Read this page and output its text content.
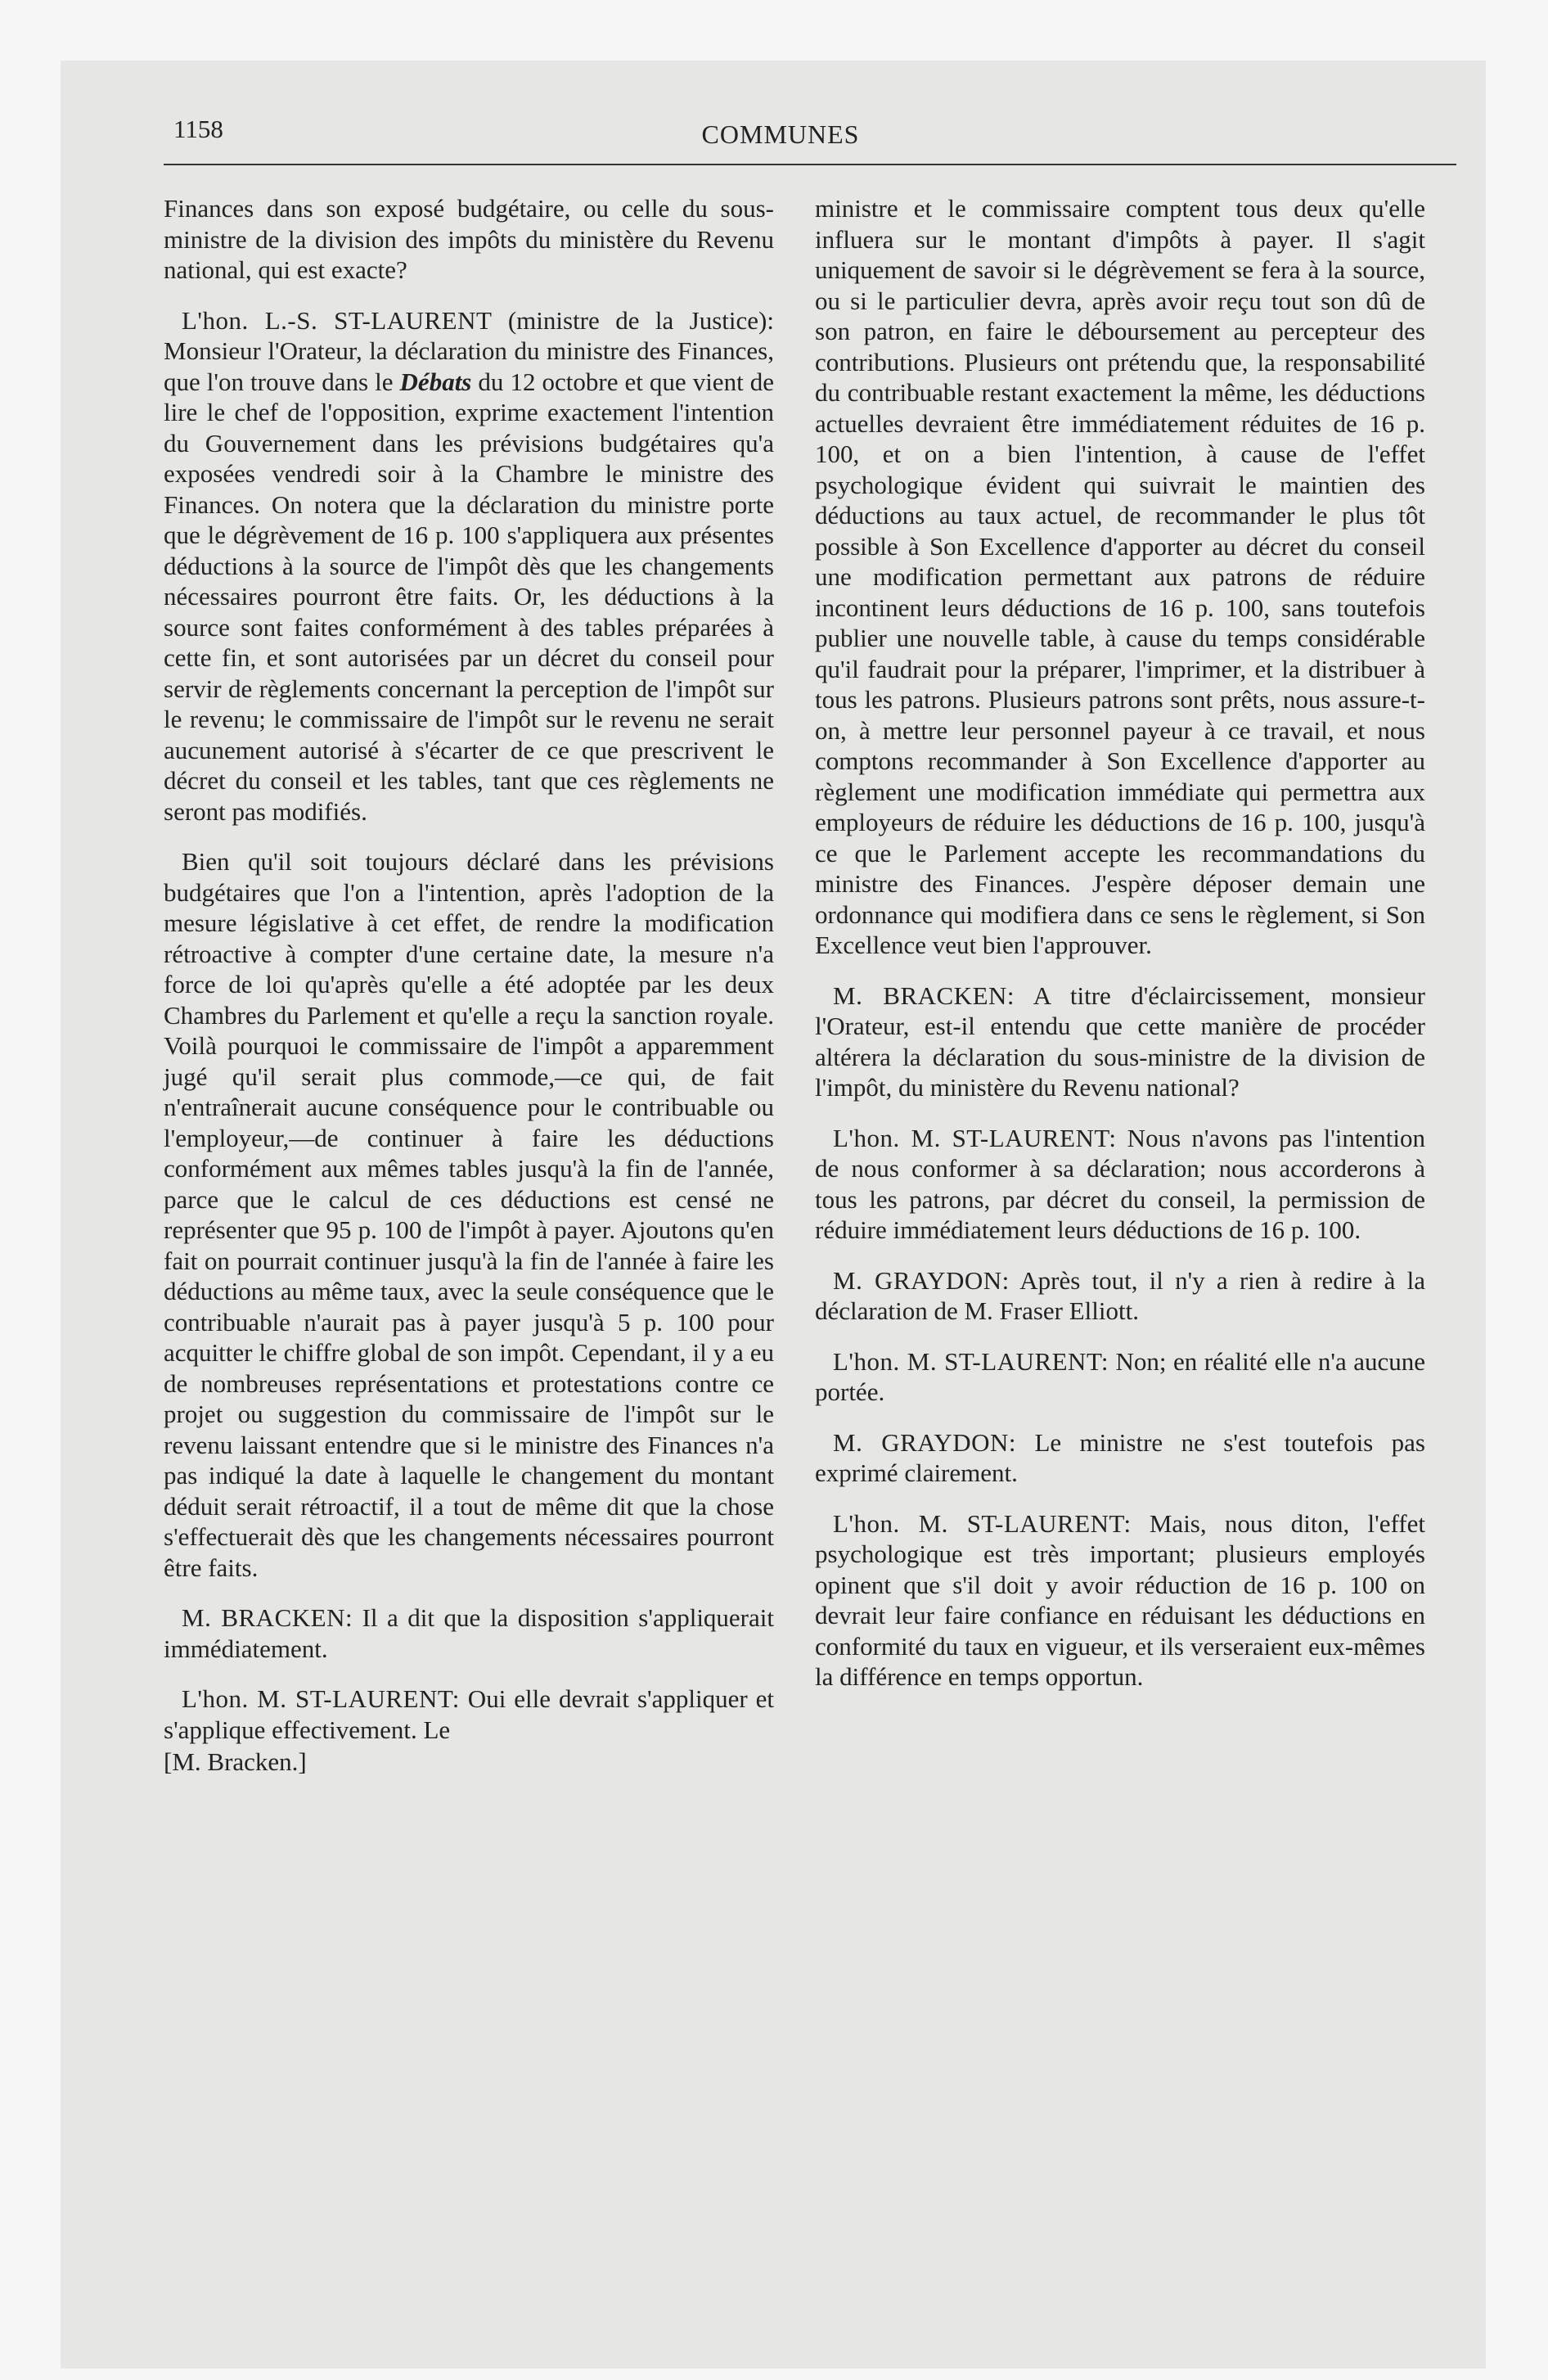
1158	COMMUNES

Finances dans son exposé budgétaire, ou celle du sous-ministre de la division des impôts du ministère du Revenu national, qui est exacte?

L'hon. L.-S. ST-LAURENT (ministre de la Justice): Monsieur l'Orateur, la déclaration du ministre des Finances, que l'on trouve dans le Débats du 12 octobre et que vient de lire le chef de l'opposition, exprime exactement l'intention du Gouvernement dans les prévisions budgétaires qu'a exposées vendredi soir à la Chambre le ministre des Finances. On notera que la déclaration du ministre porte que le dégrèvement de 16 p. 100 s'appliquera aux présentes déductions à la source de l'impôt dès que les changements nécessaires pourront être faits. Or, les déductions à la source sont faites conformément à des tables préparées à cette fin, et sont autorisées par un décret du conseil pour servir de règlements concernant la perception de l'impôt sur le revenu; le commissaire de l'impôt sur le revenu ne serait aucunement autorisé à s'écarter de ce que prescrivent le décret du conseil et les tables, tant que ces règlements ne seront pas modifiés.

Bien qu'il soit toujours déclaré dans les prévisions budgétaires que l'on a l'intention, après l'adoption de la mesure législative à cet effet, de rendre la modification rétroactive à compter d'une certaine date, la mesure n'a force de loi qu'après qu'elle a été adoptée par les deux Chambres du Parlement et qu'elle a reçu la sanction royale. Voilà pourquoi le commissaire de l'impôt a apparemment jugé qu'il serait plus commode,—ce qui, de fait n'entraînerait aucune conséquence pour le contribuable ou l'employeur,—de continuer à faire les déductions conformément aux mêmes tables jusqu'à la fin de l'année, parce que le calcul de ces déductions est censé ne représenter que 95 p. 100 de l'impôt à payer. Ajoutons qu'en fait on pourrait continuer jusqu'à la fin de l'année à faire les déductions au même taux, avec la seule conséquence que le contribuable n'aurait pas à payer jusqu'à 5 p. 100 pour acquitter le chiffre global de son impôt. Cependant, il y a eu de nombreuses représentations et protestations contre ce projet ou suggestion du commissaire de l'impôt sur le revenu laissant entendre que si le ministre des Finances n'a pas indiqué la date à laquelle le changement du montant déduit serait rétroactif, il a tout de même dit que la chose s'effectuerait dès que les changements nécessaires pourront être faits.

M. BRACKEN: Il a dit que la disposition s'appliquerait immédiatement.

L'hon. M. ST-LAURENT: Oui elle devrait s'appliquer et s'applique effectivement. Le

[M. Bracken.]

ministre et le commissaire comptent tous deux qu'elle influera sur le montant d'impôts à payer. Il s'agit uniquement de savoir si le dégrèvement se fera à la source, ou si le particulier devra, après avoir reçu tout son dû de son patron, en faire le déboursement au percepteur des contributions. Plusieurs ont prétendu que, la responsabilité du contribuable restant exactement la même, les déductions actuelles devraient être immédiatement réduites de 16 p. 100, et on a bien l'intention, à cause de l'effet psychologique évident qui suivrait le maintien des déductions au taux actuel, de recommander le plus tôt possible à Son Excellence d'apporter au décret du conseil une modification permettant aux patrons de réduire incontinent leurs déductions de 16 p. 100, sans toutefois publier une nouvelle table, à cause du temps considérable qu'il faudrait pour la préparer, l'imprimer, et la distribuer à tous les patrons. Plusieurs patrons sont prêts, nous assure-t-on, à mettre leur personnel payeur à ce travail, et nous comptons recommander à Son Excellence d'apporter au règlement une modification immédiate qui permettra aux employeurs de réduire les déductions de 16 p. 100, jusqu'à ce que le Parlement accepte les recommandations du ministre des Finances. J'espère déposer demain une ordonnance qui modifiera dans ce sens le règlement, si Son Excellence veut bien l'approuver.

M. BRACKEN: A titre d'éclaircissement, monsieur l'Orateur, est-il entendu que cette manière de procéder altérera la déclaration du sous-ministre de la division de l'impôt, du ministère du Revenu national?

L'hon. M. ST-LAURENT: Nous n'avons pas l'intention de nous conformer à sa déclaration; nous accorderons à tous les patrons, par décret du conseil, la permission de réduire immédiatement leurs déductions de 16 p. 100.

M. GRAYDON: Après tout, il n'y a rien à redire à la déclaration de M. Fraser Elliott.

L'hon. M. ST-LAURENT: Non; en réalité elle n'a aucune portée.

M. GRAYDON: Le ministre ne s'est toutefois pas exprimé clairement.

L'hon. M. ST-LAURENT: Mais, nous diton, l'effet psychologique est très important; plusieurs employés opinent que s'il doit y avoir réduction de 16 p. 100 on devrait leur faire confiance en réduisant les déductions en conformité du taux en vigueur, et ils verseraient eux-mêmes la différence en temps opportun.
